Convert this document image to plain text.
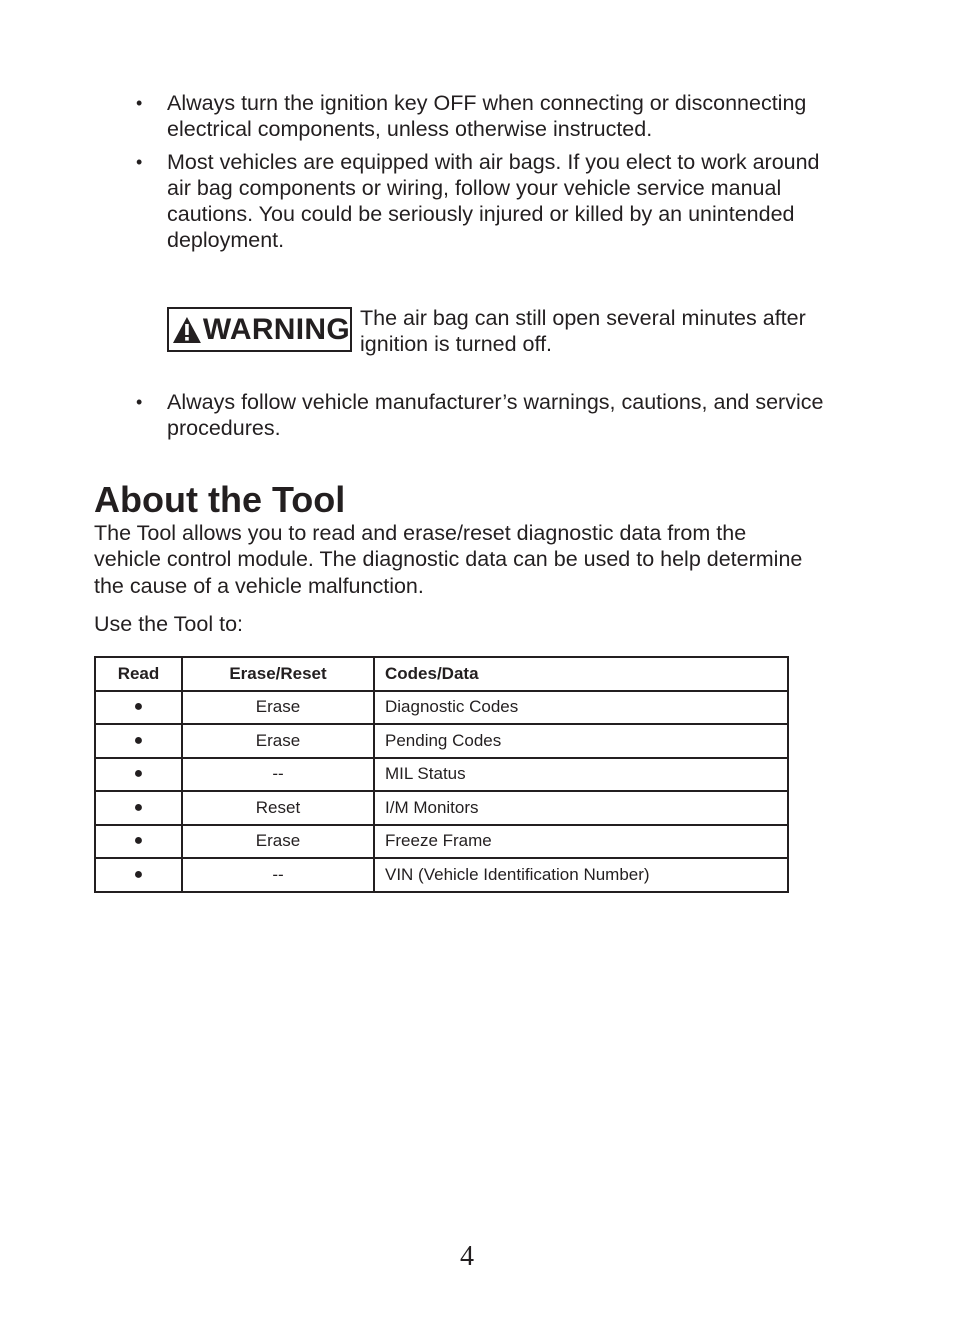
• Always turn the ignition key OFF when connecting or disconnecting electrical components, unless otherwise instructed.
• Most vehicles are equipped with air bags. If you elect to work around air bag components or wiring, follow your vehicle service manual cautions. You could be seriously injured or killed by an unintended deployment.
WARNING The air bag can still open several minutes after ignition is turned off.
• Always follow vehicle manufacturer’s warnings, cautions, and service procedures.
About the Tool

The Tool allows you to read and erase/reset diagnostic data from the vehicle control module. The diagnostic data can be used to help determine the cause of a vehicle malfunction.

Use the Tool to:

Read	Erase/Reset	Codes/Data
●	Erase	Diagnostic Codes
●	Erase	Pending Codes
●	--	MIL Status
●	Reset	I/M Monitors
●	Erase	Freeze Frame
●	--	VIN (Vehicle Identification Number)
4
